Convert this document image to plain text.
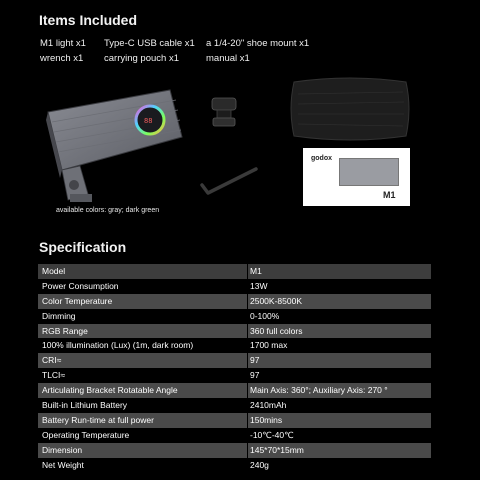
Items Included
M1 light x1 Type-C USB cable x1 a 1/4-20" shoe mount x1
wrench x1 carrying pouch x1	manual x1
88
available colors: gray; dark green
godox
M1
Specification
Model	M1
Power Consumption	13W
Color Temperature	2500K-8500K
Dimming	0-100%
RGB Range	360 full colors
100% illumination (Lux) (1m, dark room)	1700 max
CRI≈	97
TLCI≈	97
Articulating Bracket Rotatable Angle	Main Axis: 360°; Auxiliary Axis: 270 °
Built-in Lithium Battery	2410mAh
Battery Run-time at full power	150mins
Operating Temperature	-10℃-40℃
Dimension	145*70*15mm
Net Weight	240g
